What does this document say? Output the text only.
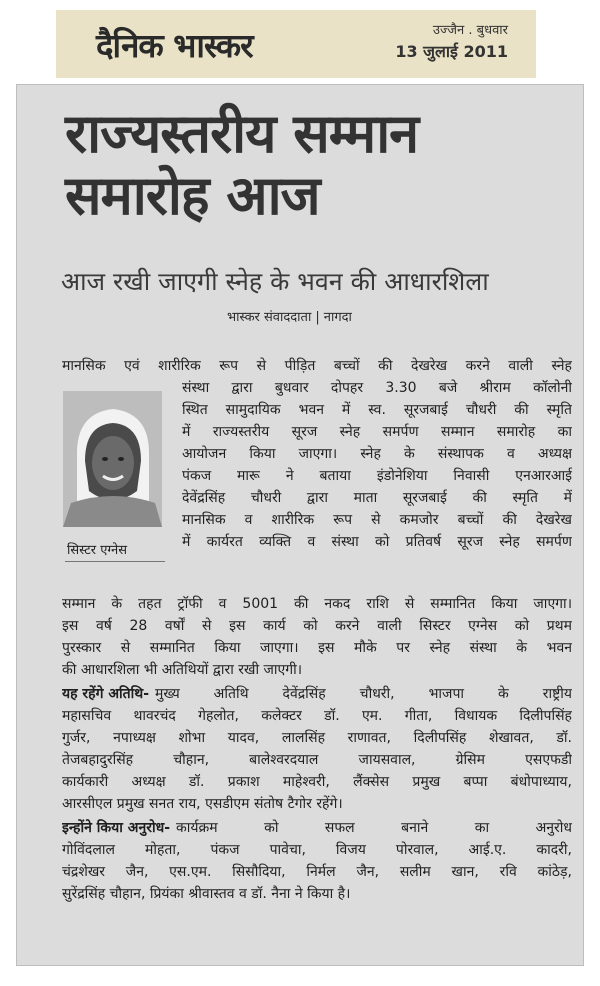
दैनिक भास्कर	उज्जैन . बुधवार
13 जुलाई 2011
राज्यस्तरीय सम्मान
समारोह आज
आज रखी जाएगी स्नेह के भवन की आधारशिला
भास्कर संवाददाता | नागदा
सिस्टर एग्नेस
मानसिक एवं शारीरिक रूप से पीड़ित बच्चों की देखरेख करने वाली स्नेह
संस्था द्वारा बुधवार दोपहर 3.30 बजे श्रीराम कॉलोनी
स्थित सामुदायिक भवन में स्व. सूरजबाई चौधरी की स्मृति
में राज्यस्तरीय सूरज स्नेह समर्पण सम्मान समारोह का
आयोजन किया जाएगा। स्नेह के संस्थापक व अध्यक्ष
पंकज मारू ने बताया इंडोनेशिया निवासी एनआरआई
देवेंद्रसिंह चौधरी द्वारा माता सूरजबाई की स्मृति में
मानसिक व शारीरिक रूप से कमजोर बच्चों की देखरेख
में कार्यरत व्यक्ति व संस्था को प्रतिवर्ष सूरज स्नेह समर्पण
सम्मान के तहत ट्रॉफी व 5001 की नकद राशि से सम्मानित किया जाएगा।
इस वर्ष 28 वर्षों से इस कार्य को करने वाली सिस्टर एग्नेस को प्रथम
पुरस्कार से सम्मानित किया जाएगा। इस मौके पर स्नेह संस्था के भवन
की आधारशिला भी अतिथियों द्वारा रखी जाएगी।
यह रहेंगे अतिथि- मुख्य अतिथि देवेंद्रसिंह चौधरी, भाजपा के राष्ट्रीय
महासचिव थावरचंद गेहलोत, कलेक्टर डॉ. एम. गीता, विधायक दिलीपसिंह
गुर्जर, नपाध्यक्ष शोभा यादव, लालसिंह राणावत, दिलीपसिंह शेखावत, डॉ.
तेजबहादुरसिंह चौहान, बालेश्वरदयाल जायसवाल, ग्रेसिम एसएफडी
कार्यकारी अध्यक्ष डॉ. प्रकाश माहेश्वरी, लैंक्सेस प्रमुख बप्पा बंधोपाध्याय,
आरसीएल प्रमुख सनत राय, एसडीएम संतोष टैगोर रहेंगे।
इन्होंने किया अनुरोध- कार्यक्रम को सफल बनाने का अनुरोध
गोविंदलाल मोहता, पंकज पावेचा, विजय पोरवाल, आई.ए. कादरी,
चंद्रशेखर जैन, एस.एम. सिसौदिया, निर्मल जैन, सलीम खान, रवि कांठेड़,
सुरेंद्रसिंह चौहान, प्रियंका श्रीवास्तव व डॉ. नैना ने किया है।
